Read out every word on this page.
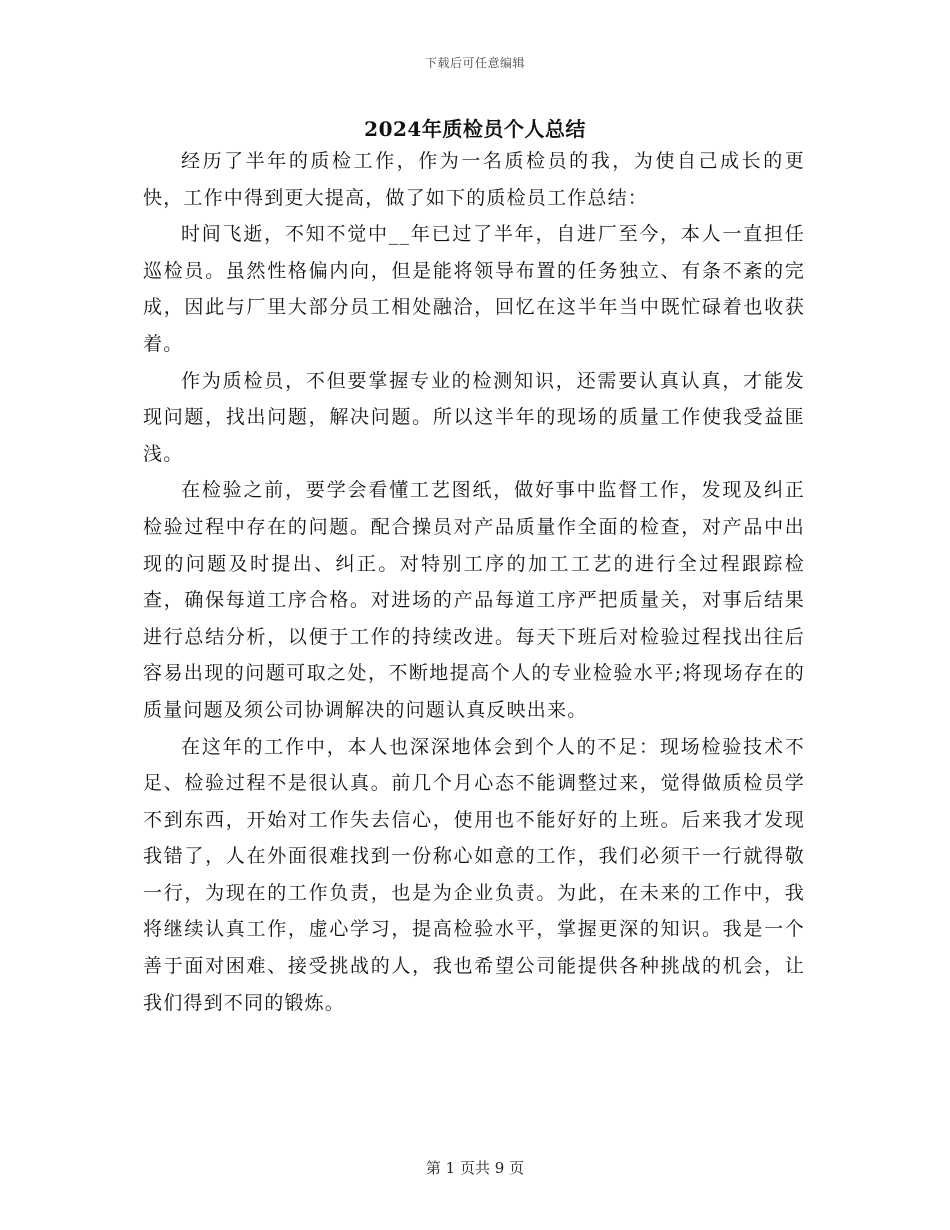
下载后可任意编辑
2024年质检员个人总结

经历了半年的质检工作，作为一名质检员的我，为使自己成长的更快，工作中得到更大提高，做了如下的质检员工作总结：

时间飞逝，不知不觉中__年已过了半年，自进厂至今，本人一直担任巡检员。虽然性格偏内向，但是能将领导布置的任务独立、有条不紊的完成，因此与厂里大部分员工相处融洽，回忆在这半年当中既忙碌着也收获着。

作为质检员，不但要掌握专业的检测知识，还需要认真认真，才能发现问题，找出问题，解决问题。所以这半年的现场的质量工作使我受益匪浅。

在检验之前，要学会看懂工艺图纸，做好事中监督工作，发现及纠正检验过程中存在的问题。配合操员对产品质量作全面的检查，对产品中出现的问题及时提出、纠正。对特别工序的加工工艺的进行全过程跟踪检查，确保每道工序合格。对进场的产品每道工序严把质量关，对事后结果进行总结分析，以便于工作的持续改进。每天下班后对检验过程找出往后容易出现的问题可取之处，不断地提高个人的专业检验水平;将现场存在的质量问题及须公司协调解决的问题认真反映出来。

在这年的工作中，本人也深深地体会到个人的不足：现场检验技术不足、检验过程不是很认真。前几个月心态不能调整过来，觉得做质检员学不到东西，开始对工作失去信心，使用也不能好好的上班。后来我才发现我错了，人在外面很难找到一份称心如意的工作，我们必须干一行就得敬一行，为现在的工作负责，也是为企业负责。为此，在未来的工作中，我将继续认真工作，虚心学习，提高检验水平，掌握更深的知识。我是一个善于面对困难、接受挑战的人，我也希望公司能提供各种挑战的机会，让我们得到不同的锻炼。

第 1 页共 9 页
